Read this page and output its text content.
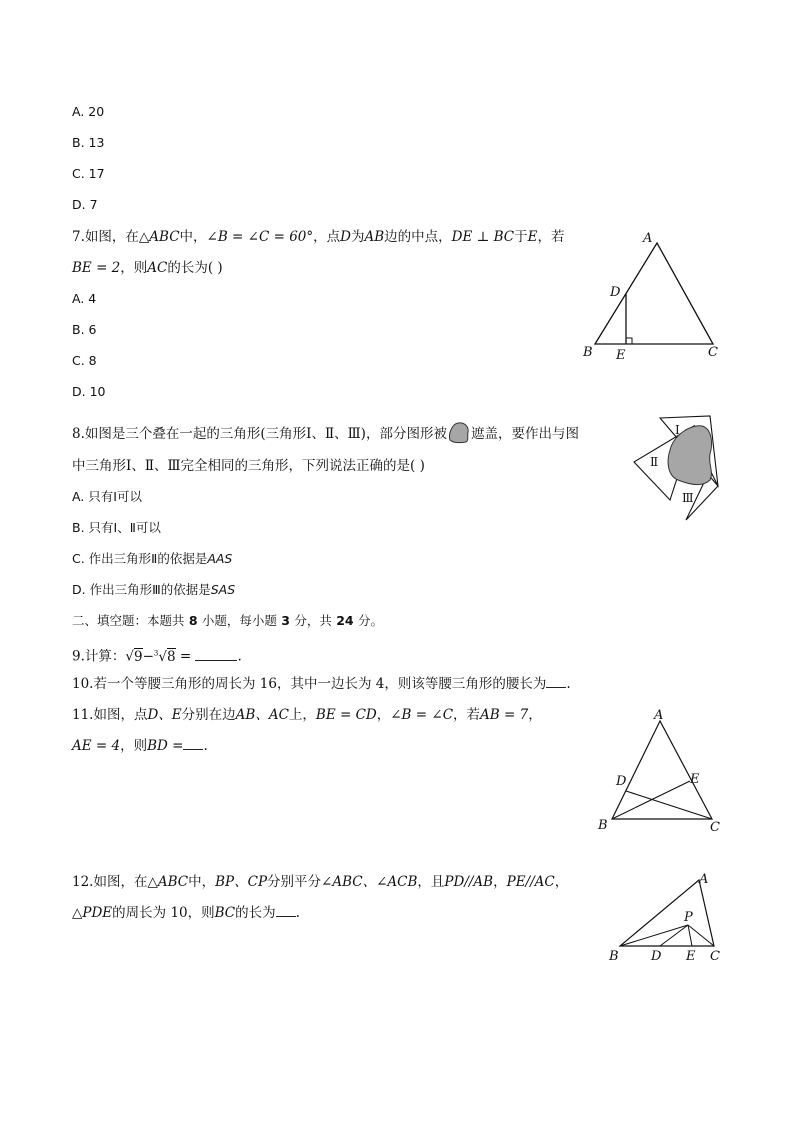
A. 20
B. 13
C. 17
D. 7
7.如图，在△ABC中，∠B = ∠C = 60°，点D为AB边的中点，DE ⊥ BC于E，若
BE = 2，则AC的长为( )
A. 4
B. 6
C. 8
D. 10
A
B	C
D
E
8.如图是三个叠在一起的三角形(三角形Ⅰ、Ⅱ、Ⅲ)，部分图形被 遮盖，要作出与图
中三角形Ⅰ、Ⅱ、Ⅲ完全相同的三角形，下列说法正确的是( )
A. 只有Ⅰ可以
B. 只有Ⅰ、Ⅱ可以
C. 作出三角形Ⅱ的依据是AAS
D. 作出三角形Ⅲ的依据是SAS
Ⅰ
Ⅱ
Ⅲ
二、填空题：本题共 8 小题，每小题 3 分，共 24 分。
9.计算：√9−$^3$√8 =	.
10.若一个等腰三角形的周长为 16，其中一边长为 4，则该等腰三角形的腰长为 .
11.如图，点D、E分别在边AB、AC上，BE = CD，∠B = ∠C，若AB = 7，
AE = 4，则BD = .
A
B	C
D	E
12.如图，在△ABC中，BP、CP分别平分∠ABC、∠ACB，且PD//AB，PE//AC，
△PDE的周长为 10，则BC的长为 .
A
B	C
D E
P
